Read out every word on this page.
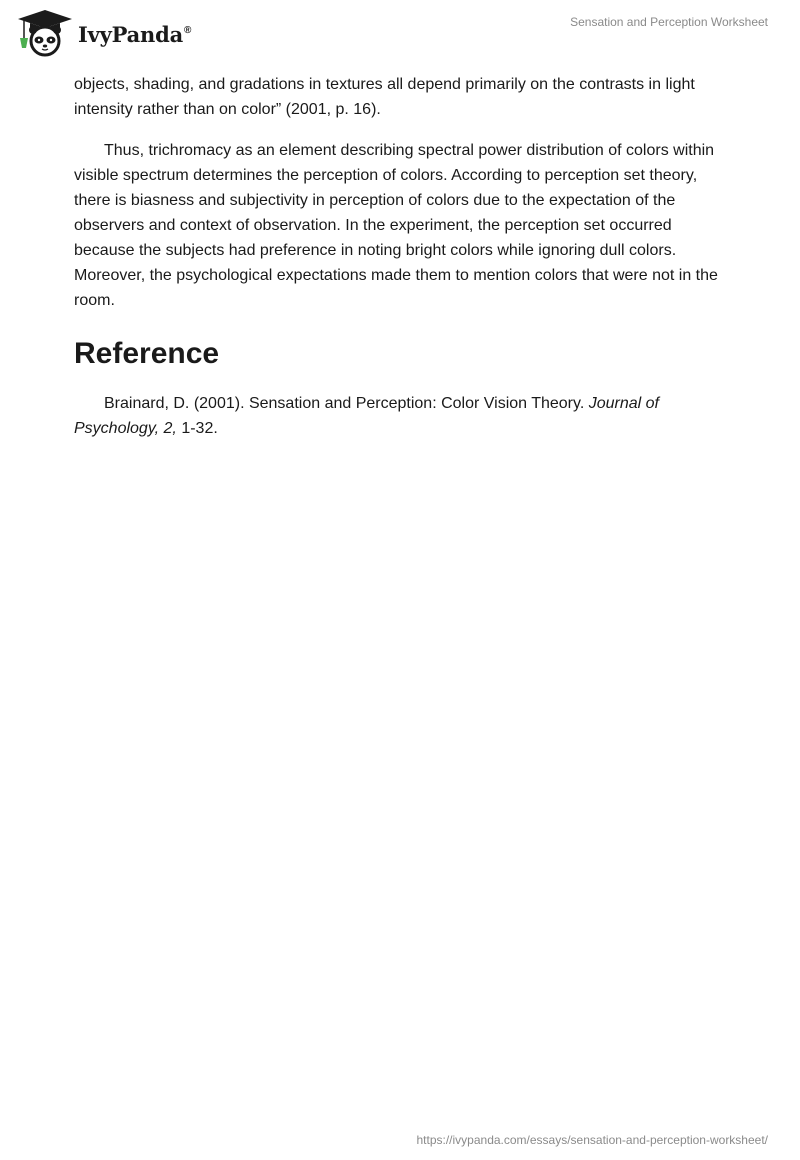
IvyPanda®
Sensation and Perception Worksheet

objects, shading, and gradations in textures all depend primarily on the contrasts in light intensity rather than on color” (2001, p. 16).

Thus, trichromacy as an element describing spectral power distribution of colors within visible spectrum determines the perception of colors. According to perception set theory, there is biasness and subjectivity in perception of colors due to the expectation of the observers and context of observation. In the experiment, the perception set occurred because the subjects had preference in noting bright colors while ignoring dull colors. Moreover, the psychological expectations made them to mention colors that were not in the room.

Reference

Brainard, D. (2001). Sensation and Perception: Color Vision Theory. Journal of Psychology, 2, 1-32.

https://ivypanda.com/essays/sensation-and-perception-worksheet/
